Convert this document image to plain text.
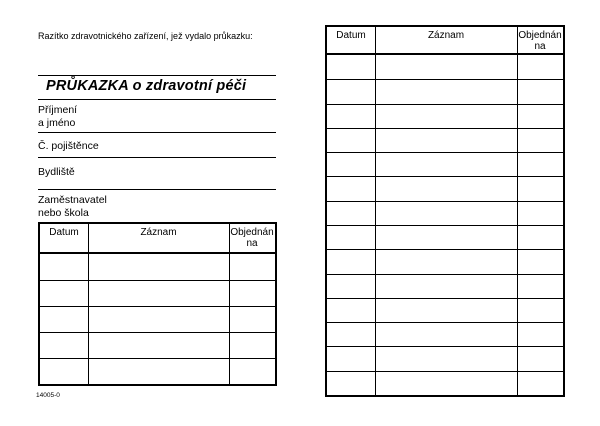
Razítko zdravotnického zařízení, jež vydalo průkazku:
PRŮKAZKA o zdravotní péči
Příjmení
a jméno
Č. pojištěnce
Bydliště
Zaměstnavatel
nebo škola
Datum	Záznam	Objednán
na
14005-0
Datum	Záznam	Objednán
na
